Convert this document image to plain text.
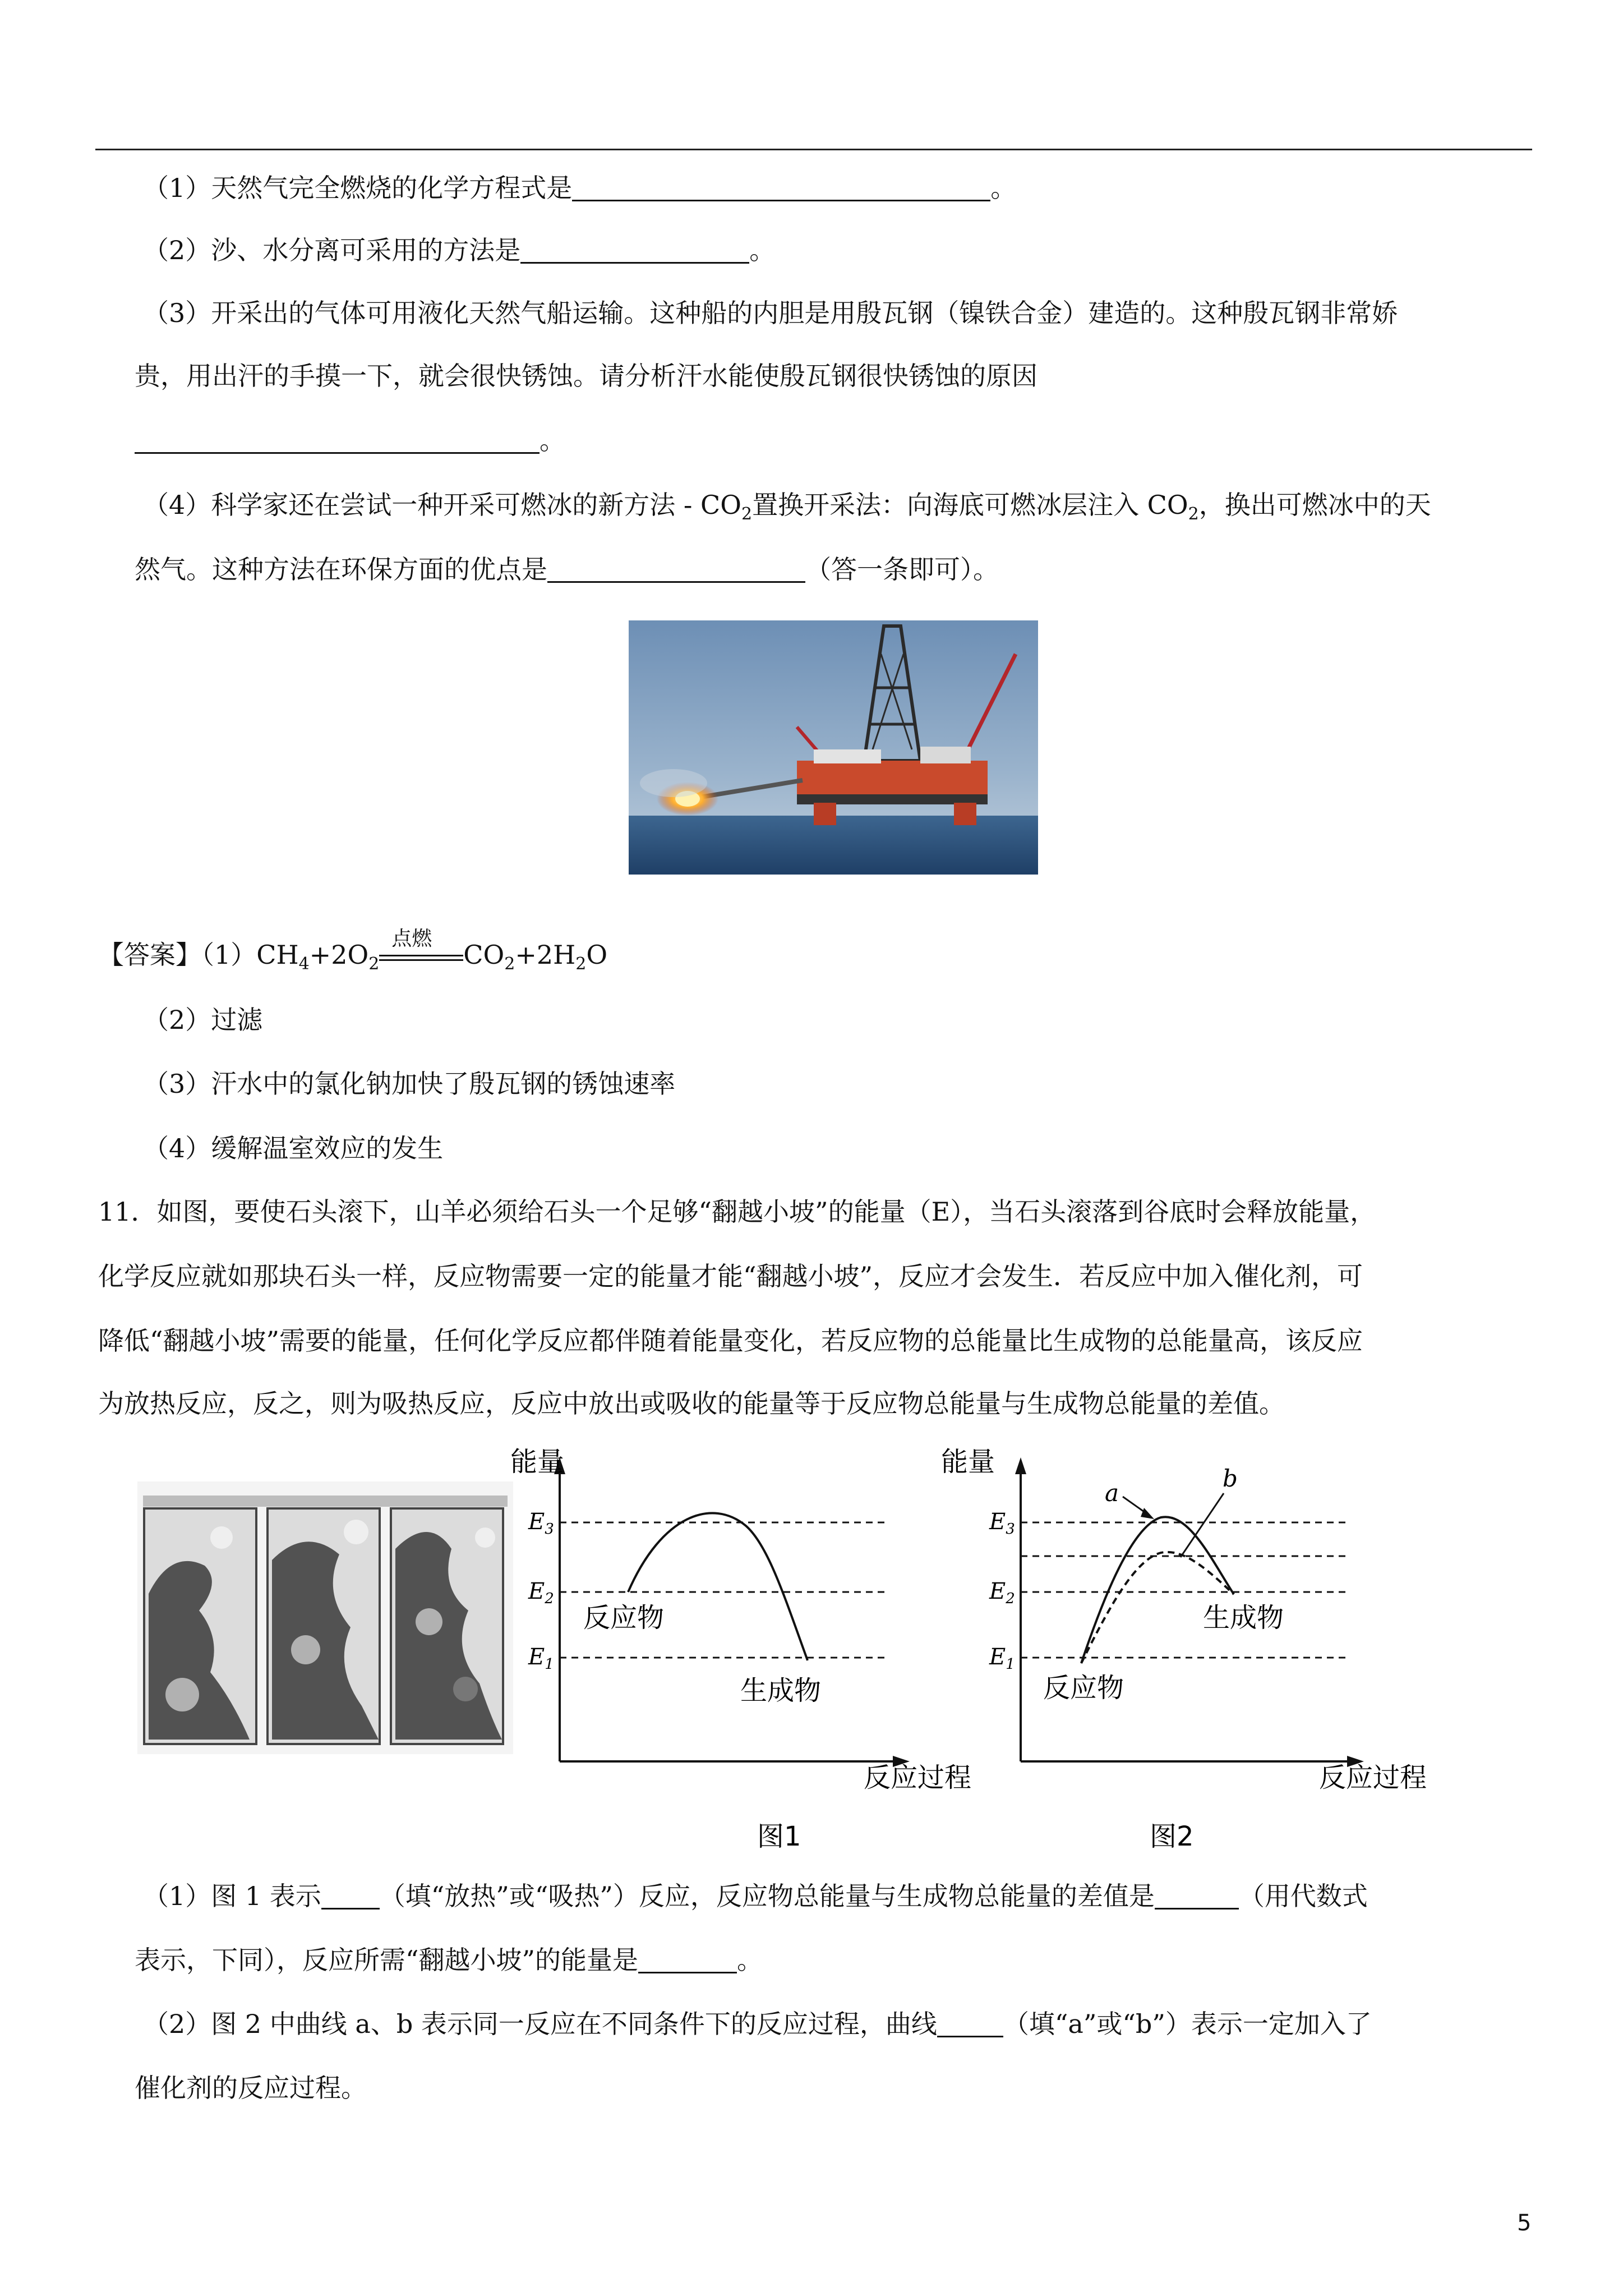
（1）天然气完全燃烧的化学方程式是	。
（2）沙、水分离可采用的方法是	。
（3）开采出的气体可用液化天然气船运输。这种船的内胆是用殷瓦钢（镍铁合金）建造的。这种殷瓦钢非常娇
贵，用出汗的手摸一下，就会很快锈蚀。请分析汗水能使殷瓦钢很快锈蚀的原因
。
（4）科学家还在尝试一种开采可燃冰的新方法 - $CO_2$置换开采法：向海底可燃冰层注入 $CO_2$，换出可燃冰中的天
然气。这种方法在环保方面的优点是	（答一条即可）。
【答案】$(1)CH_4+2O_2$
点燃
$CO_2+2H_2O$
（2）过滤
（3）汗水中的氯化钠加快了殷瓦钢的锈蚀速率
（4）缓解温室效应的发生
11．如图，要使石头滚下，山羊必须给石头一个足够“翻越小坡”的能量（E），当石头滚落到谷底时会释放能量，
化学反应就如那块石头一样，反应物需要一定的能量才能“翻越小坡”，反应才会发生．若反应中加入催化剂，可
降低“翻越小坡”需要的能量，任何化学反应都伴随着能量变化，若反应物的总能量比生成物的总能量高，该反应
为放热反应，反之，则为吸热反应，反应中放出或吸收的能量等于反应物总能量与生成物总能量的差值。
能量
反应过程
$E_3$
$E_2$
$E_1$
反应物
生成物
图1
能量
反应过程
$E_3$
$E_2$
$E_1$
a
b
生成物
反应物
图2
（1）图 1 表示 （填“放热”或“吸热”）反应，反应物总能量与生成物总能量的差值是	（用代数式
表示，下同），反应所需“翻越小坡”的能量是	。
（2）图 2 中曲线 a、b 表示同一反应在不同条件下的反应过程，曲线	（填“a”或“b”）表示一定加入了
催化剂的反应过程。
5
